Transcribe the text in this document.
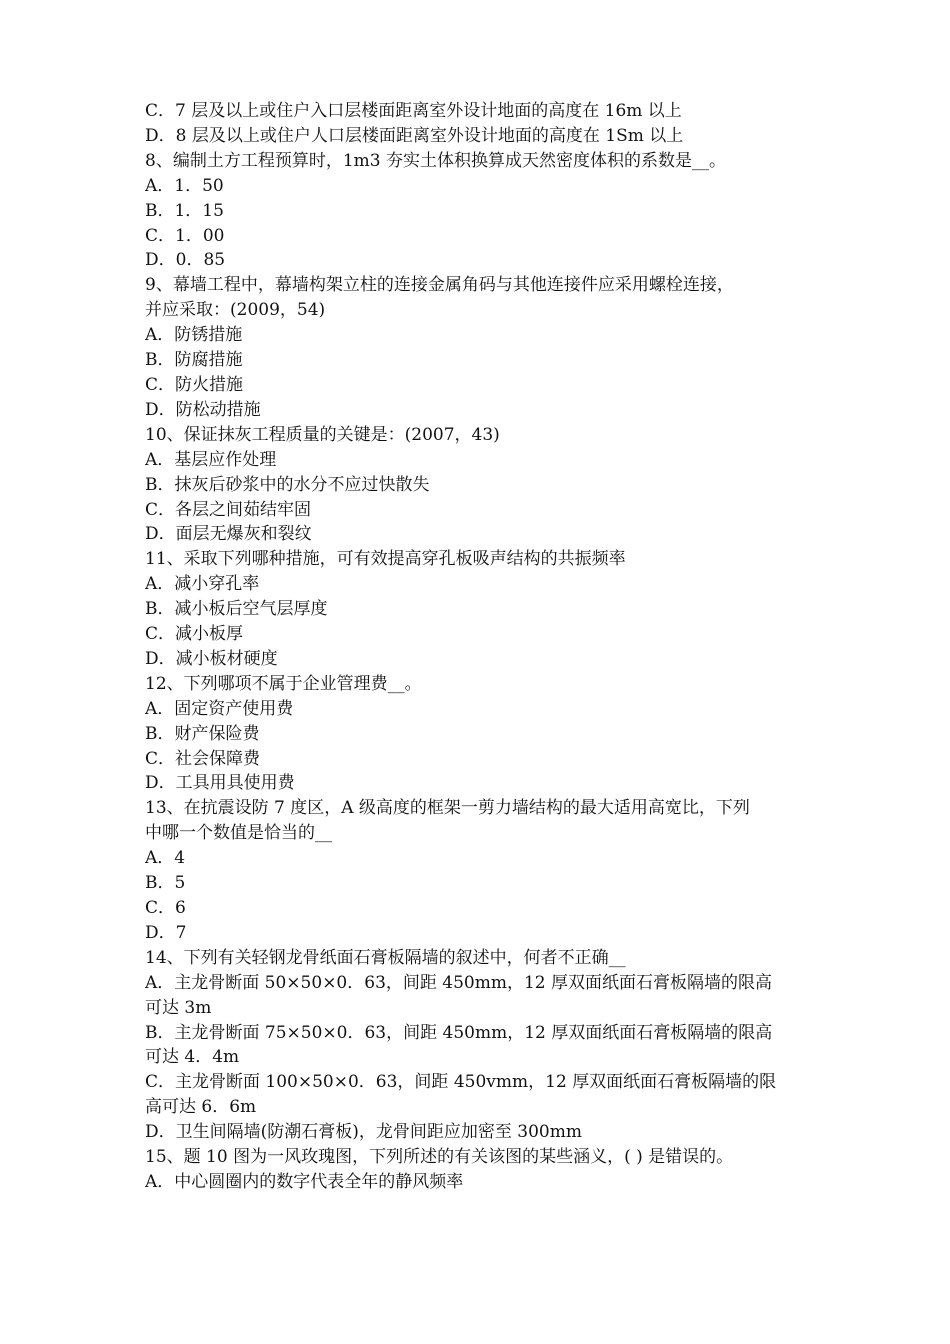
C．7 层及以上或住户入口层楼面距离室外设计地面的高度在 16m 以上

D．8 层及以上或住户人口层楼面距离室外设计地面的高度在 1Sm 以上

8、编制土方工程预算时，1m3 夯实土体积换算成天然密度体积的系数是__。

A．1．50

B．1．15

C．1．00

D．0．85

9、幕墙工程中，幕墙构架立柱的连接金属角码与其他连接件应采用螺栓连接，

并应采取：(2009，54)

A．防锈措施

B．防腐措施

C．防火措施

D．防松动措施

10、保证抹灰工程质量的关键是：(2007，43)

A．基层应作处理

B．抹灰后砂浆中的水分不应过快散失

C．各层之间茹结牢固

D．面层无爆灰和裂纹

11、采取下列哪种措施，可有效提高穿孔板吸声结构的共振频率

A．减小穿孔率

B．减小板后空气层厚度

C．减小板厚

D．减小板材硬度

12、下列哪项不属于企业管理费__。

A．固定资产使用费

B．财产保险费

C．社会保障费

D．工具用具使用费

13、在抗震设防 7 度区，A 级高度的框架一剪力墙结构的最大适用高宽比，下列

中哪一个数值是恰当的__

A．4

B．5

C．6

D．7

14、下列有关轻钢龙骨纸面石膏板隔墙的叙述中，何者不正确__

A．主龙骨断面 50×50×0．63，间距 450mm，12 厚双面纸面石膏板隔墙的限高

可达 3m

B．主龙骨断面 75×50×0．63，间距 450mm，12 厚双面纸面石膏板隔墙的限高

可达 4．4m

C．主龙骨断面 100×50×0．63，间距 450vmm，12 厚双面纸面石膏板隔墙的限

高可达 6．6m

D．卫生间隔墙(防潮石膏板)，龙骨间距应加密至 300mm

15、题 10 图为一风玫瑰图，下列所述的有关该图的某些涵义，( ) 是错误的。

A．中心圆圈内的数字代表全年的静风频率
